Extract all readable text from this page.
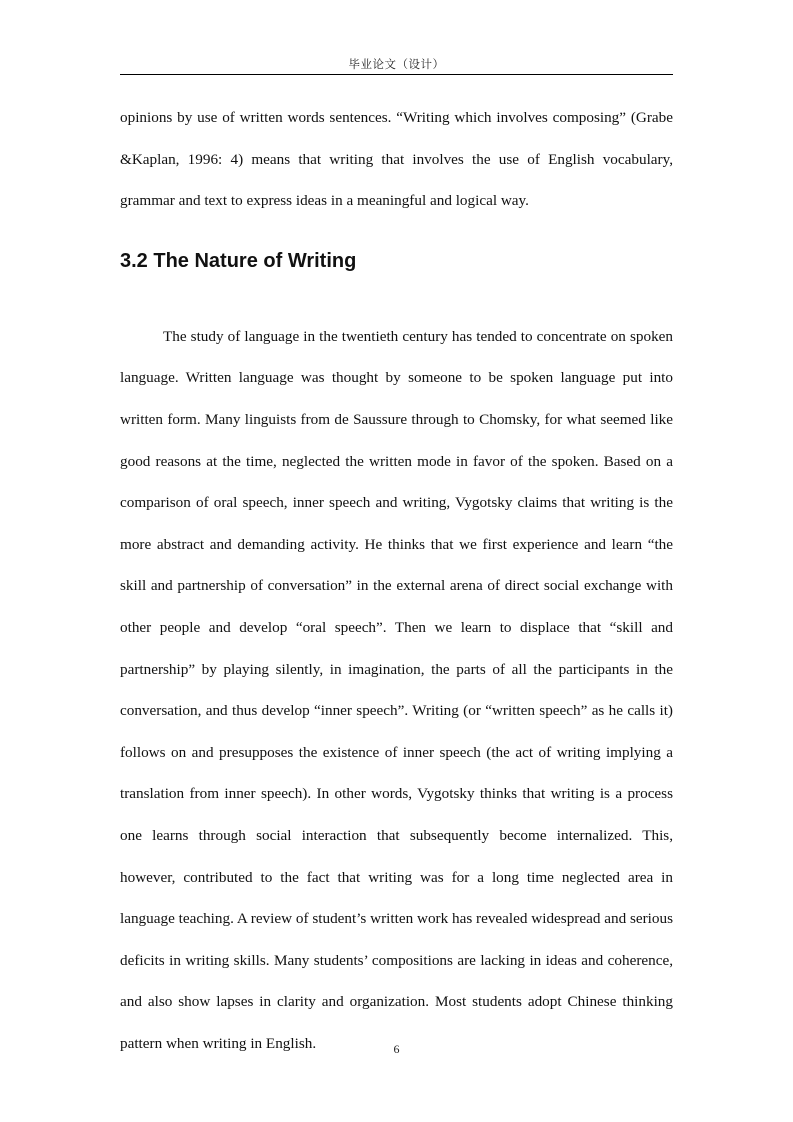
毕业论文（设计）

opinions by use of written words sentences. “Writing which involves composing” (Grabe &Kaplan, 1996: 4) means that writing that involves the use of English vocabulary, grammar and text to express ideas in a meaningful and logical way.

3.2 The Nature of Writing

The study of language in the twentieth century has tended to concentrate on spoken language. Written language was thought by someone to be spoken language put into written form. Many linguists from de Saussure through to Chomsky, for what seemed like good reasons at the time, neglected the written mode in favor of the spoken. Based on a comparison of oral speech, inner speech and writing, Vygotsky claims that writing is the more abstract and demanding activity. He thinks that we first experience and learn “the skill and partnership of conversation” in the external arena of direct social exchange with other people and develop “oral speech”. Then we learn to displace that “skill and partnership” by playing silently, in imagination, the parts of all the participants in the conversation, and thus develop “inner speech”. Writing (or “written speech” as he calls it) follows on and presupposes the existence of inner speech (the act of writing implying a translation from inner speech). In other words, Vygotsky thinks that writing is a process one learns through social interaction that subsequently become internalized. This, however, contributed to the fact that writing was for a long time neglected area in language teaching. A review of student’s written work has revealed widespread and serious deficits in writing skills. Many students’ compositions are lacking in ideas and coherence, and also show lapses in clarity and organization. Most students adopt Chinese thinking pattern when writing in English.	6
